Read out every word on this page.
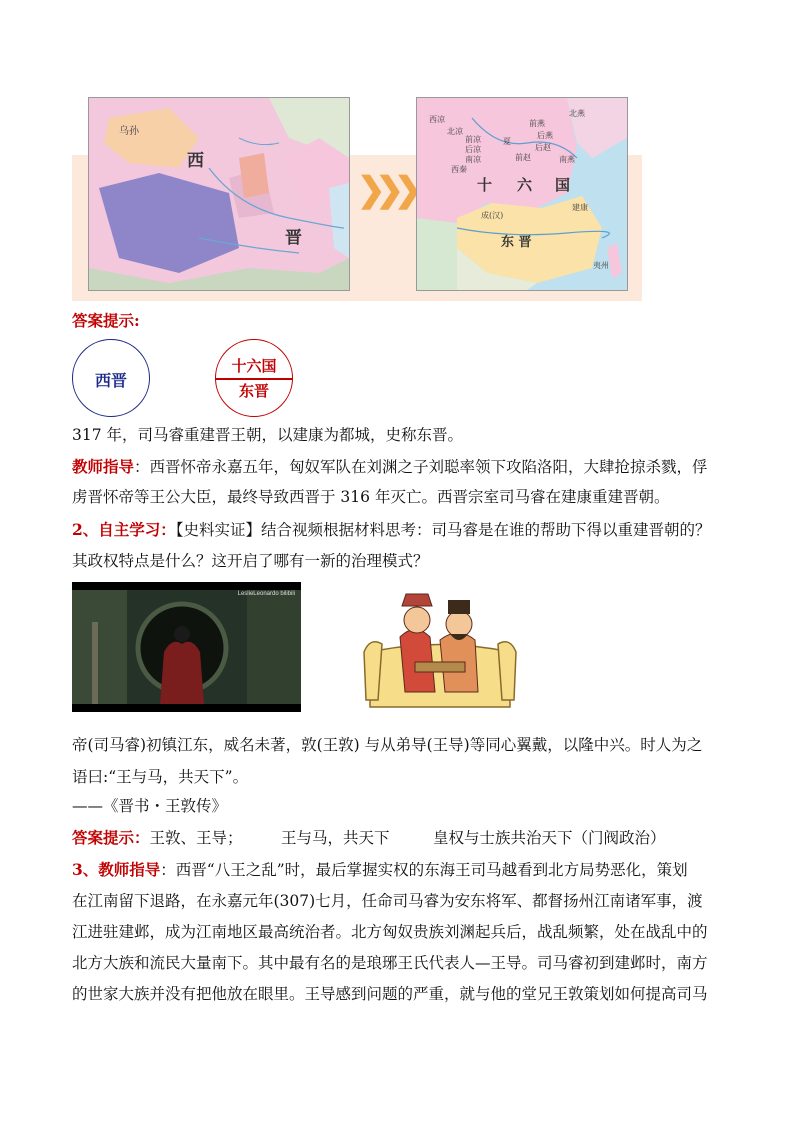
西
晋
乌孙
❯❯❯	十 六 国
东 晋
西凉
北凉
前凉
后凉
南凉
夏
前燕
后燕
南燕
北燕
西秦
前赵
后赵
成(汉)
建康
夷州
答案提示:
西晋
十六国
东晋
317 年，司马睿重建晋王朝，以建康为都城，史称东晋。
教师指导：西晋怀帝永嘉五年，匈奴军队在刘渊之子刘聪率领下攻陷洛阳，大肆抢掠杀戮，俘
虏晋怀帝等王公大臣，最终导致西晋于 316 年灭亡。西晋宗室司马睿在建康重建晋朝。
2、自主学习：【史料实证】结合视频根据材料思考：司马睿是在谁的帮助下得以重建晋朝的？
其政权特点是什么？这开启了哪有一新的治理模式？
LeslieLeonardo bilibili
帝(司马睿)初镇江东，威名未著，敦(王敦) 与从弟导(王导)等同心翼戴，以隆中兴。时人为之
语曰:“王与马，共天下”。
——《晋书・王敦传》
答案提示：王敦、王导； 王与马，共天下	皇权与士族共治天下（门阀政治）
3、教师指导：西晋“八王之乱”时，最后掌握实权的东海王司马越看到北方局势恶化，策划
在江南留下退路，在永嘉元年(307)七月，任命司马睿为安东将军、都督扬州江南诸军事，渡
江进驻建邺，成为江南地区最高统治者。北方匈奴贵族刘渊起兵后，战乱频繁，处在战乱中的
北方大族和流民大量南下。其中最有名的是琅琊王氏代表人—王导。司马睿初到建邺时，南方
的世家大族并没有把他放在眼里。王导感到问题的严重，就与他的堂兄王敦策划如何提高司马
